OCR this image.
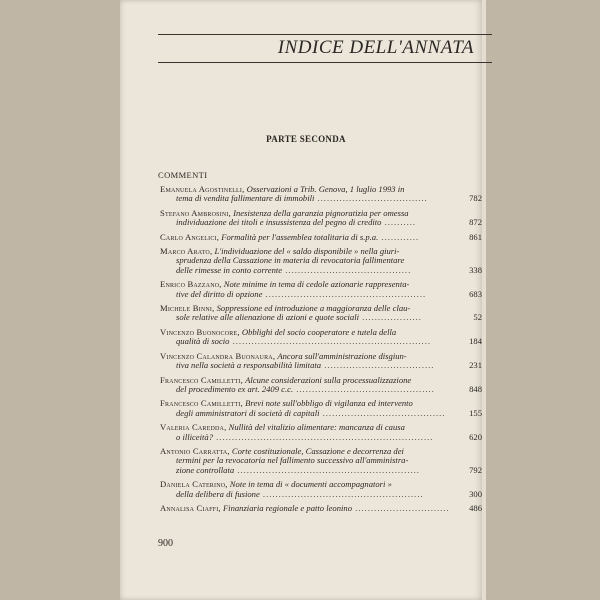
INDICE DELL'ANNATA
PARTE SECONDA
COMMENTI
Emanuela Agostinelli, Osservazioni a Trib. Genova, 1 luglio 1993 in
tema di vendita fallimentare di immobili ...................................	782
Stefano Ambrosini, Inesistenza della garanzia pignoratizia per omessa
individuazione dei titoli e insussistenza del pegno di credito ..........	872
Carlo Angelici, Formalità per l'assemblea totalitaria di s.p.a. ............	861
Marco Arato, L'individuazione del « saldo disponibile » nella giuri-
sprudenza della Cassazione in materia di revocatoria fallimentare
delle rimesse in conto corrente ........................................	338
Enrico Bazzano, Note minime in tema di cedole azionarie rappresenta-
tive del diritto di opzione ...................................................	683
Michele Binni, Soppressione ed introduzione a maggioranza delle clau-
sole relative alle alienazione di azioni e quote sociali ...................	52
Vincenzo Buonocore, Obblighi del socio cooperatore e tutela della
qualità di socio ...............................................................	184
Vincenzo Calandra Buonaura, Ancora sull'amministrazione disgiun-
tiva nella società a responsabilità limitata ...................................	231
Francesco Camilletti, Alcune considerazioni sulla processualizzazione
del procedimento ex art. 2409 c.c. ............................................	848
Francesco Camilletti, Brevi note sull'obbligo di vigilanza ed intervento
degli amministratori di società di capitali .......................................	155
Valeria Caredda, Nullità del vitalizio alimentare: mancanza di causa
o illiceità? .....................................................................	620
Antonio Carratta, Corte costituzionale, Cassazione e decorrenza dei
termini per la revocatoria nel fallimento successivo all'amministra-
zione controllata ..........................................................	792
Daniela Caterino, Note in tema di « documenti accompagnatori »
della delibera di fusione ...................................................	300
Annalisa Ciaffi, Finanziaria regionale e patto leonino ..............................	486
900
